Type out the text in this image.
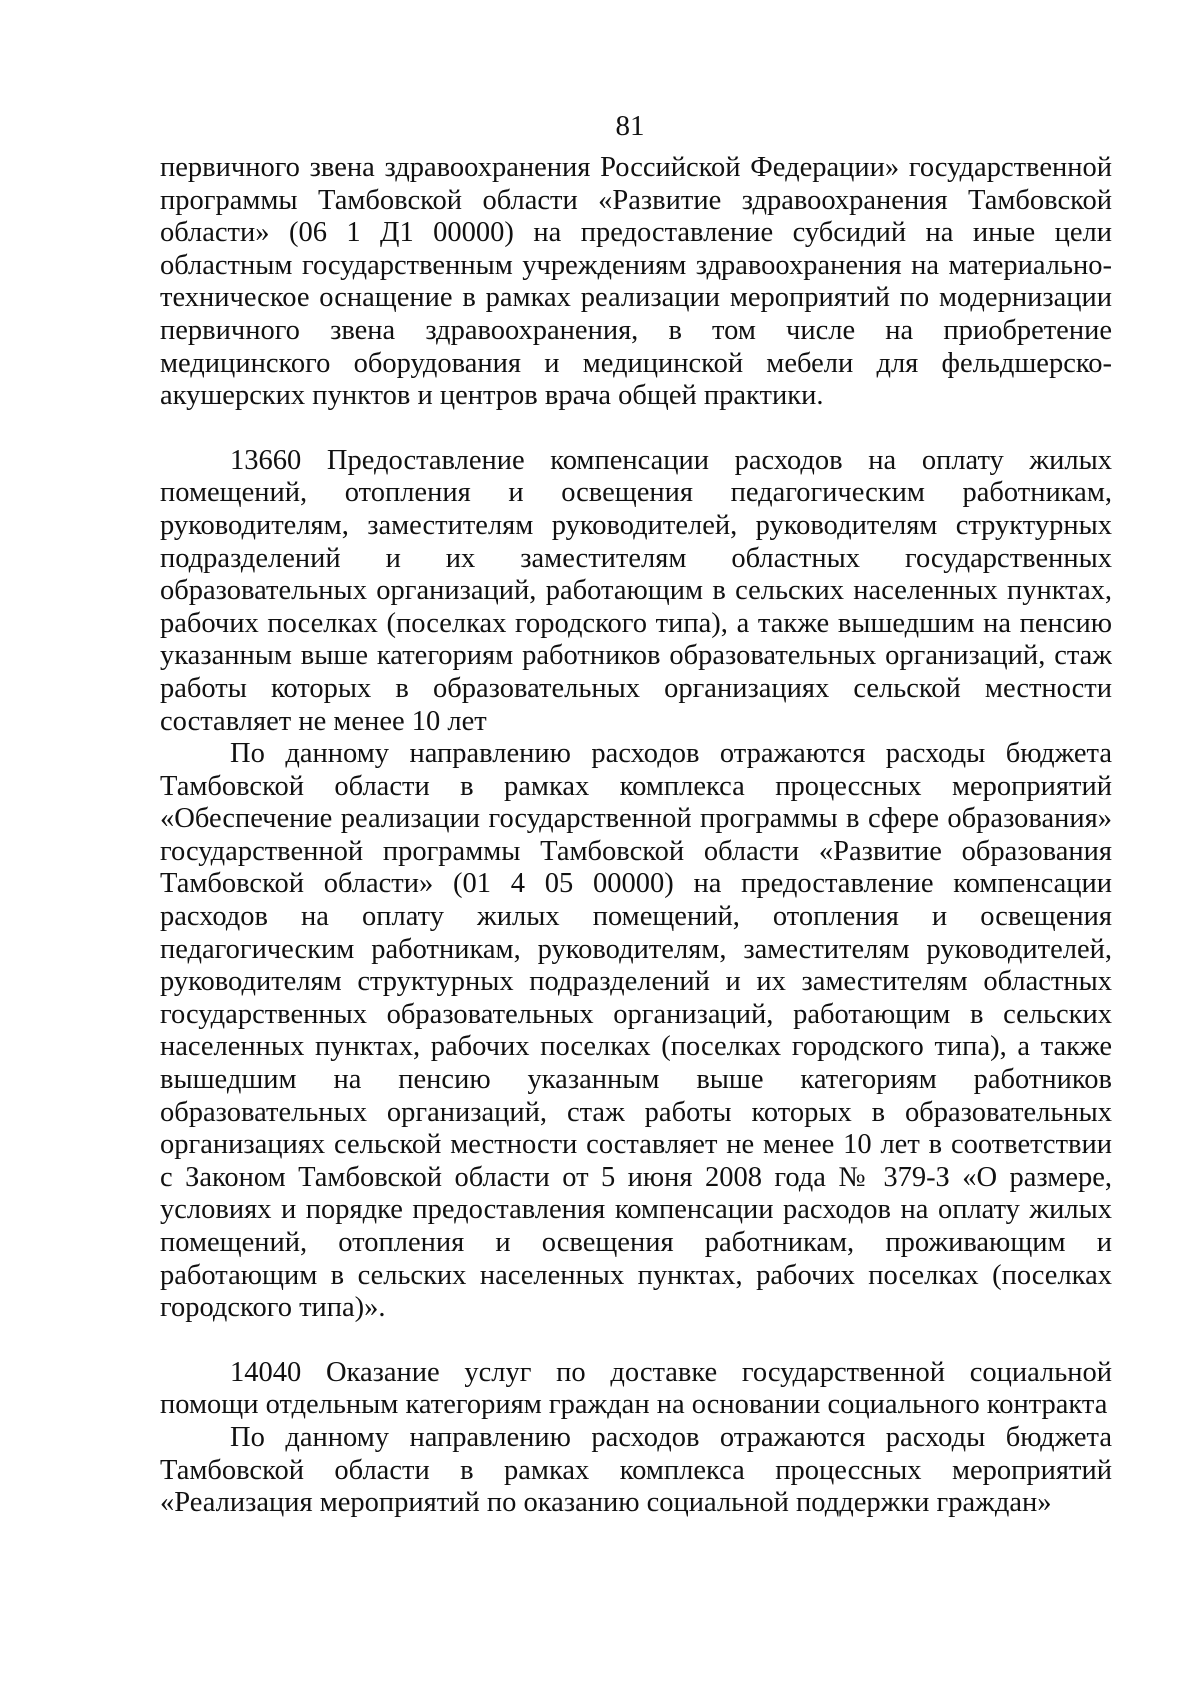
81

первичного звена здравоохранения Российской Федерации» государственной программы Тамбовской области «Развитие здравоохранения Тамбовской области» (06 1 Д1 00000) на предоставление субсидий на иные цели областным государственным учреждениям здравоохранения на материально-техническое оснащение в рамках реализации мероприятий по модернизации первичного звена здравоохранения, в том числе на приобретение медицинского оборудования и медицинской мебели для фельдшерско-акушерских пунктов и центров врача общей практики.

13660 Предоставление компенсации расходов на оплату жилых помещений, отопления и освещения педагогическим работникам, руководителям, заместителям руководителей, руководителям структурных подразделений и их заместителям областных государственных образовательных организаций, работающим в сельских населенных пунктах, рабочих поселках (поселках городского типа), а также вышедшим на пенсию указанным выше категориям работников образовательных организаций, стаж работы которых в образовательных организациях сельской местности составляет не менее 10 лет

По данному направлению расходов отражаются расходы бюджета Тамбовской области в рамках комплекса процессных мероприятий «Обеспечение реализации государственной программы в сфере образования» государственной программы Тамбовской области «Развитие образования Тамбовской области» (01 4 05 00000) на предоставление компенсации расходов на оплату жилых помещений, отопления и освещения педагогическим работникам, руководителям, заместителям руководителей, руководителям структурных подразделений и их заместителям областных государственных образовательных организаций, работающим в сельских населенных пунктах, рабочих поселках (поселках городского типа), а также вышедшим на пенсию указанным выше категориям работников образовательных организаций, стаж работы которых в образовательных организациях сельской местности составляет не менее 10 лет в соответствии с Законом Тамбовской области от 5 июня 2008 года № 379-З «О размере, условиях и порядке предоставления компенсации расходов на оплату жилых помещений, отопления и освещения работникам, проживающим и работающим в сельских населенных пунктах, рабочих поселках (поселках городского типа)».

14040 Оказание услуг по доставке государственной социальной помощи отдельным категориям граждан на основании социального контракта

По данному направлению расходов отражаются расходы бюджета Тамбовской области в рамках комплекса процессных мероприятий «Реализация мероприятий по оказанию социальной поддержки граждан»
